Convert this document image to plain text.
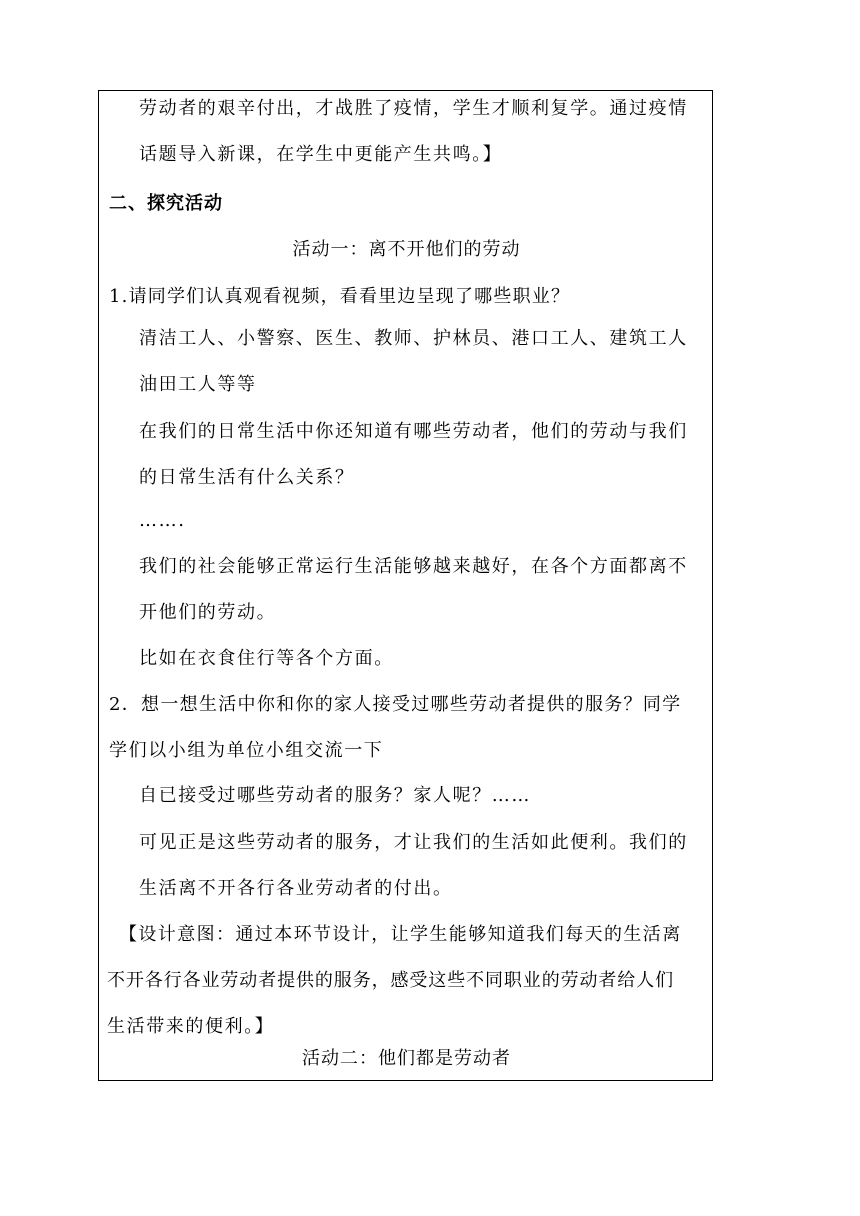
劳动者的艰辛付出，才战胜了疫情，学生才顺利复学。通过疫情
话题导入新课，在学生中更能产生共鸣。】
二、探究活动
活动一：离不开他们的劳动
1.请同学们认真观看视频，看看里边呈现了哪些职业？
清洁工人、小警察、医生、教师、护林员、港口工人、建筑工人
油田工人等等
在我们的日常生活中你还知道有哪些劳动者，他们的劳动与我们
的日常生活有什么关系？
…….
我们的社会能够正常运行生活能够越来越好，在各个方面都离不
开他们的劳动。
比如在衣食住行等各个方面。
2．想一想生活中你和你的家人接受过哪些劳动者提供的服务？同学
学们以小组为单位小组交流一下
自已接受过哪些劳动者的服务？家人呢？……
可见正是这些劳动者的服务，才让我们的生活如此便利。我们的
生活离不开各行各业劳动者的付出。
【设计意图：通过本环节设计，让学生能够知道我们每天的生活离
不开各行各业劳动者提供的服务，感受这些不同职业的劳动者给人们
生活带来的便利。】
活动二：他们都是劳动者
